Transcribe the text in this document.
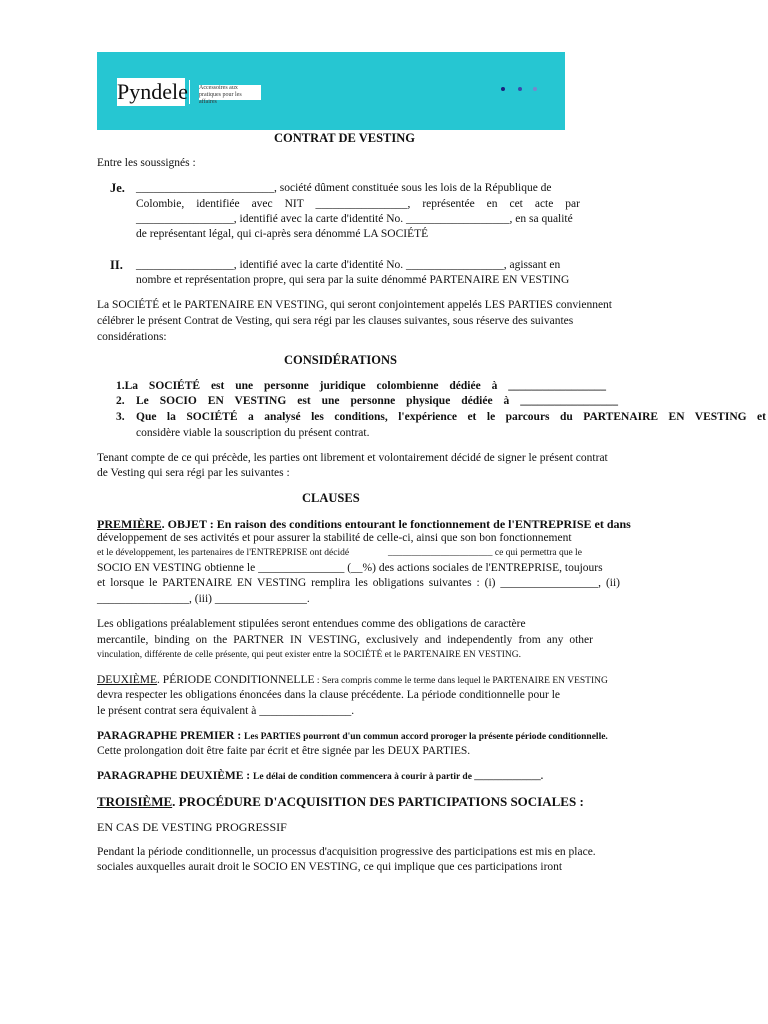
Pyndele Accessoires aux pratiques pour les affaires
CONTRAT DE VESTING
Entre les soussignés :
Je. ________________________, société dûment constituée sous les lois de la République de
Colombie, identifiée avec NIT ________________, représentée en cet acte par
_________________, identifié avec la carte d'identité No. __________________, en sa qualité
de représentant légal, qui ci-après sera dénommé LA SOCIÉTÉ
II. _________________, identifié avec la carte d'identité No. _________________, agissant en
nombre et représentation propre, qui sera par la suite dénommé PARTENAIRE EN VESTING
La SOCIÉTÉ et le PARTENAIRE EN VESTING, qui seront conjointement appelés LES PARTIES conviennent
célébrer le présent Contrat de Vesting, qui sera régi par les clauses suivantes, sous réserve des suivantes
considérations:
CONSIDÉRATIONS
1.La SOCIÉTÉ est une personne juridique colombienne dédiée à _________________
2. Le SOCIO EN VESTING est une personne physique dédiée à _________________
3. Que la SOCIÉTÉ a analysé les conditions, l'expérience et le parcours du PARTENAIRE EN VESTING et
considère viable la souscription du présent contrat.
Tenant compte de ce qui précède, les parties ont librement et volontairement décidé de signer le présent contrat
de Vesting qui sera régi par les suivantes :
CLAUSES
PREMIÈRE. OBJET : En raison des conditions entourant le fonctionnement de l'ENTREPRISE et dans
développement de ses activités et pour assurer la stabilité de celle-ci, ainsi que son bon fonctionnement
et le développement, les partenaires de l'ENTREPRISE ont décidé	______________________ ce qui permettra que le
SOCIO EN VESTING obtienne le _______________ (__%) des actions sociales de l'ENTREPRISE, toujours
et lorsque le PARTENAIRE EN VESTING remplira les obligations suivantes : (i) _________________, (ii)
________________, (iii) ________________.
Les obligations préalablement stipulées seront entendues comme des obligations de caractère
mercantile, binding on the PARTNER IN VESTING, exclusively and independently from any other
vinculation, différente de celle présente, qui peut exister entre la SOCIÉTÉ et le PARTENAIRE EN VESTING.
DEUXIÈME. PÉRIODE CONDITIONNELLE : Sera compris comme le terme dans lequel le PARTENAIRE EN VESTING
devra respecter les obligations énoncées dans la clause précédente. La période conditionnelle pour le
le présent contrat sera équivalent à ________________.
PARAGRAPHE PREMIER : Les PARTIES pourront d'un commun accord proroger la présente période conditionnelle.
Cette prolongation doit être faite par écrit et être signée par les DEUX PARTIES.
PARAGRAPHE DEUXIÈME : Le délai de condition commencera à courir à partir de ______________.
TROISIÈME. PROCÉDURE D'ACQUISITION DES PARTICIPATIONS SOCIALES :
EN CAS DE VESTING PROGRESSIF
Pendant la période conditionnelle, un processus d'acquisition progressive des participations est mis en place.
sociales auxquelles aurait droit le SOCIO EN VESTING, ce qui implique que ces participations iront
